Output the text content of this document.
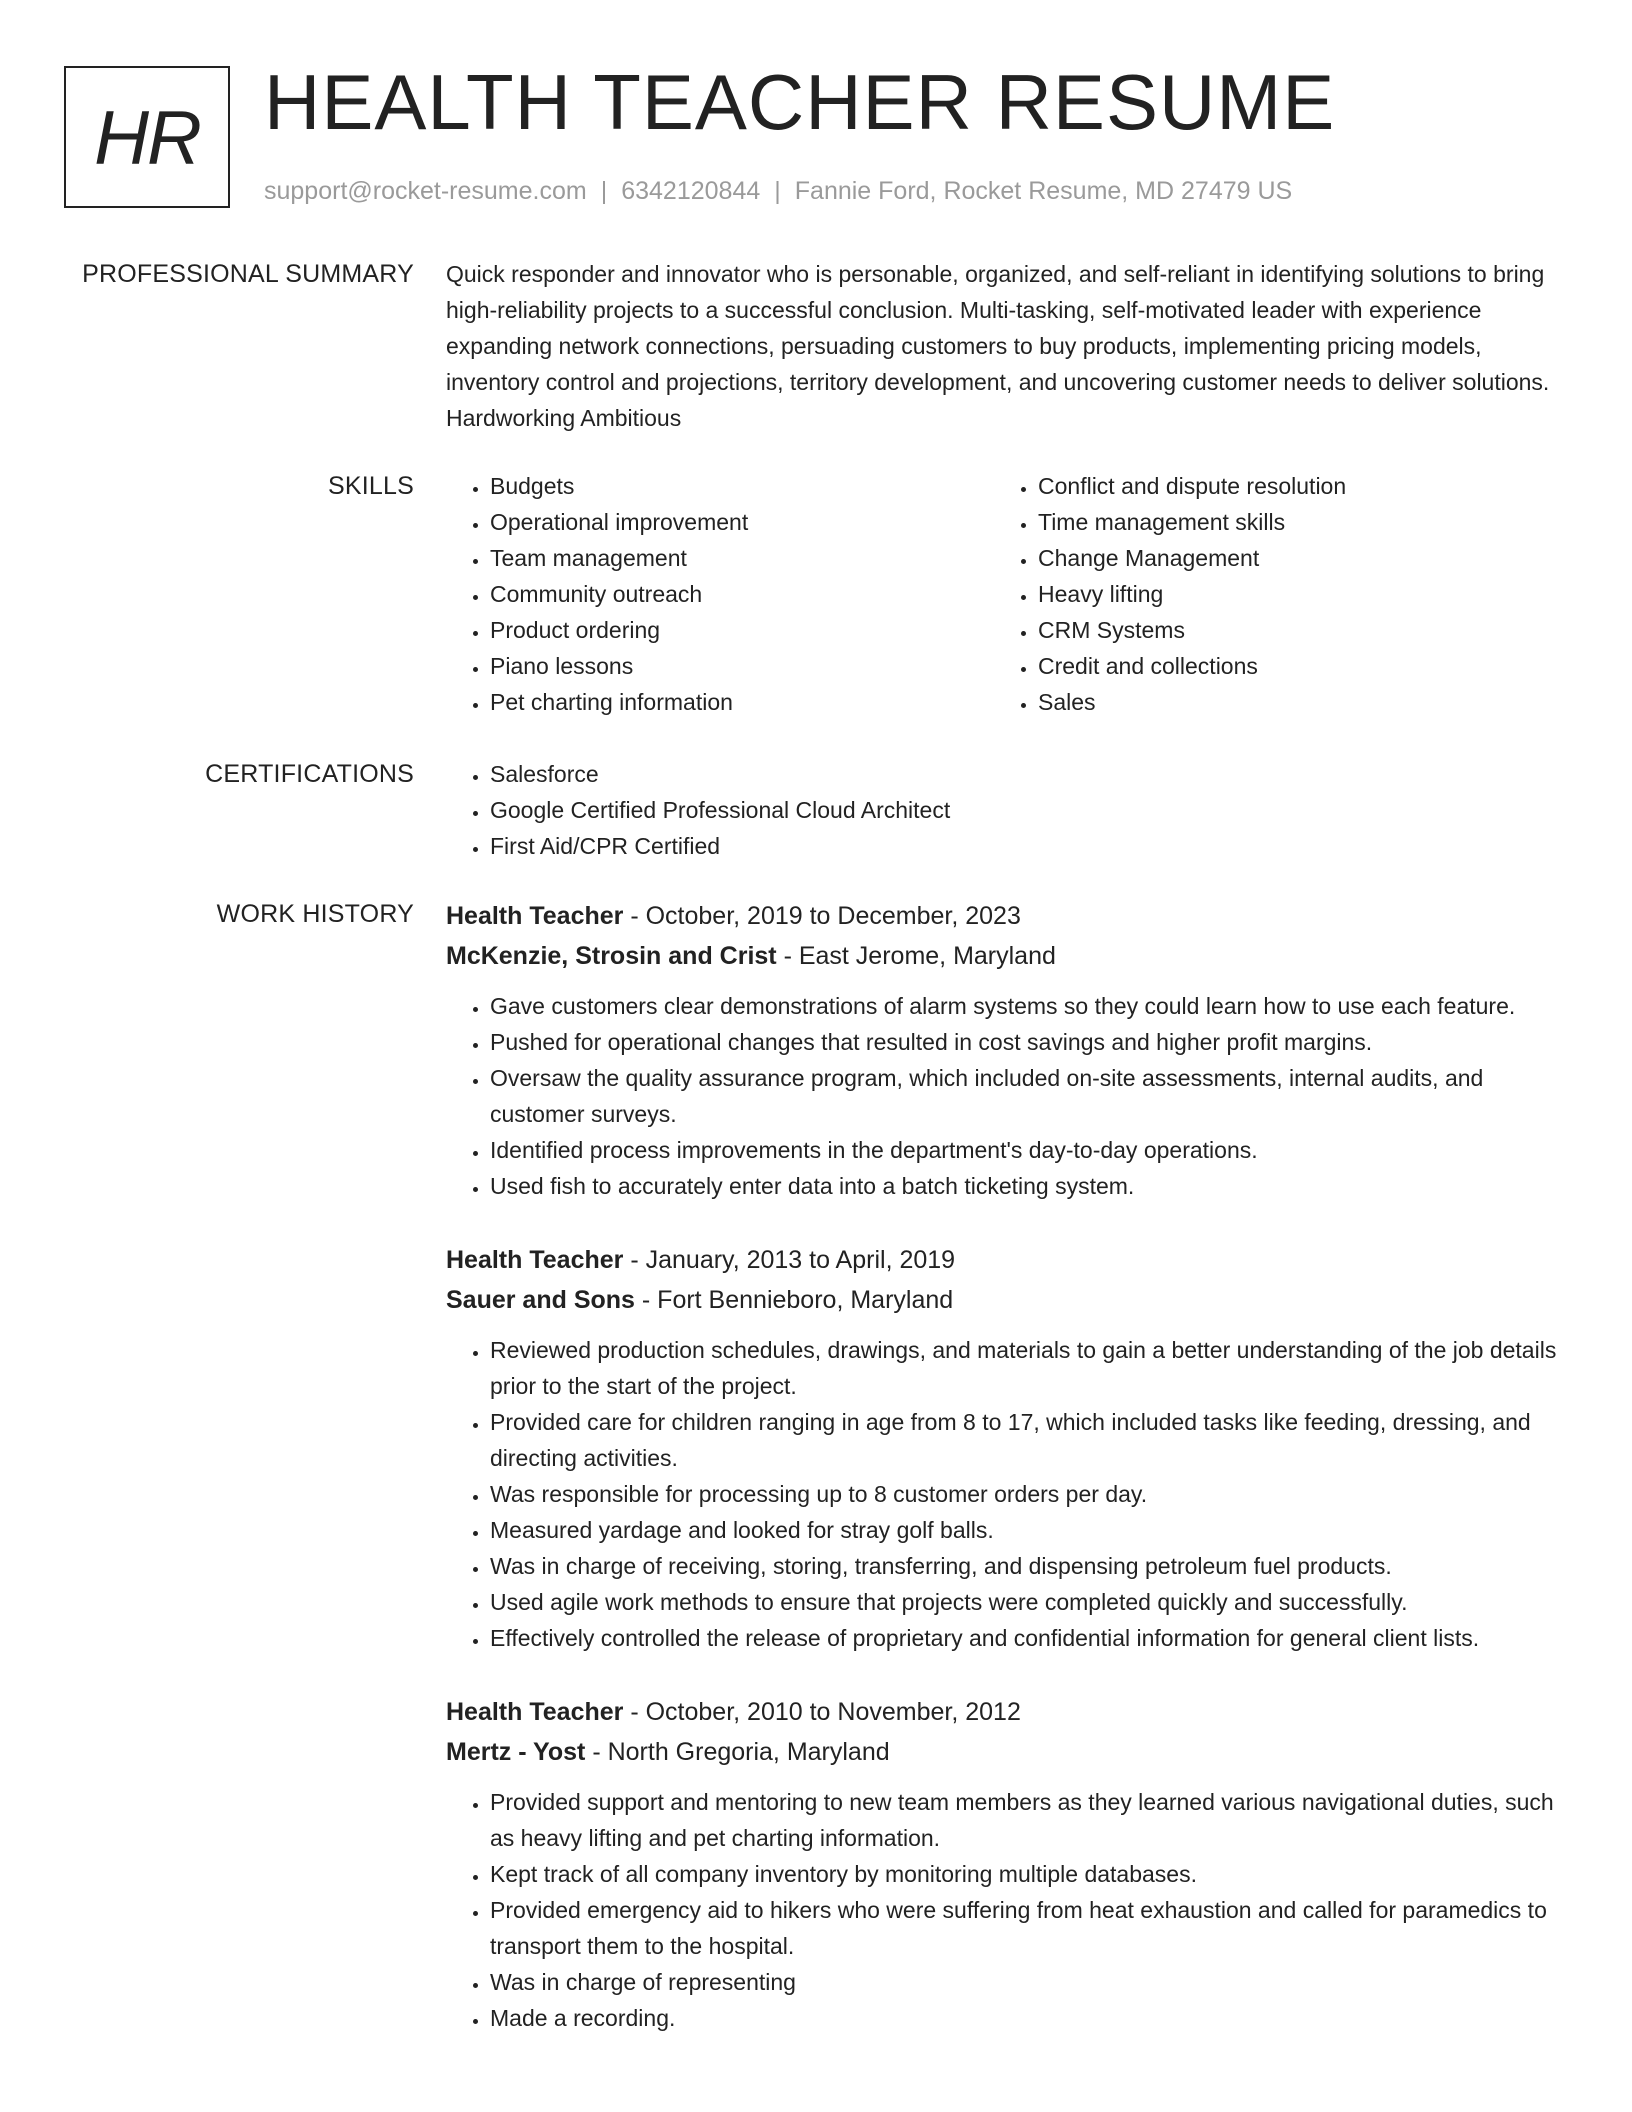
HR HEALTH TEACHER RESUME
support@rocket-resume.com | 6342120844 | Fannie Ford, Rocket Resume, MD 27479 US
PROFESSIONAL SUMMARY Quick responder and innovator who is personable, organized, and self-reliant in identifying solutions to bring high-reliability projects to a successful conclusion. Multi-tasking, self-motivated leader with experience expanding network connections, persuading customers to buy products, implementing pricing models, inventory control and projections, territory development, and uncovering customer needs to deliver solutions. Hardworking Ambitious

SKILLS	• Budgets
• Operational improvement
• Team management
• Community outreach
• Product ordering
• Piano lessons
• Pet charting information
• Conflict and dispute resolution
• Time management skills
• Change Management
• Heavy lifting
• CRM Systems
• Credit and collections
• Sales
CERTIFICATIONS	• Salesforce
• Google Certified Professional Cloud Architect
• First Aid/CPR Certified
WORK HISTORY Health Teacher - October, 2019 to December, 2023
McKenzie, Strosin and Crist - East Jerome, Maryland
• Gave customers clear demonstrations of alarm systems so they could learn how to use each feature.
• Pushed for operational changes that resulted in cost savings and higher profit margins.
• Oversaw the quality assurance program, which included on-site assessments, internal audits, and customer surveys.
• Identified process improvements in the department's day-to-day operations.
• Used fish to accurately enter data into a batch ticketing system.
Health Teacher - January, 2013 to April, 2019
Sauer and Sons - Fort Bennieboro, Maryland
• Reviewed production schedules, drawings, and materials to gain a better understanding of the job details prior to the start of the project.
• Provided care for children ranging in age from 8 to 17, which included tasks like feeding, dressing, and directing activities.
• Was responsible for processing up to 8 customer orders per day.
• Measured yardage and looked for stray golf balls.
• Was in charge of receiving, storing, transferring, and dispensing petroleum fuel products.
• Used agile work methods to ensure that projects were completed quickly and successfully.
• Effectively controlled the release of proprietary and confidential information for general client lists.
Health Teacher - October, 2010 to November, 2012
Mertz - Yost - North Gregoria, Maryland
• Provided support and mentoring to new team members as they learned various navigational duties, such as heavy lifting and pet charting information.
• Kept track of all company inventory by monitoring multiple databases.
• Provided emergency aid to hikers who were suffering from heat exhaustion and called for paramedics to transport them to the hospital.
• Was in charge of representing
• Made a recording.
